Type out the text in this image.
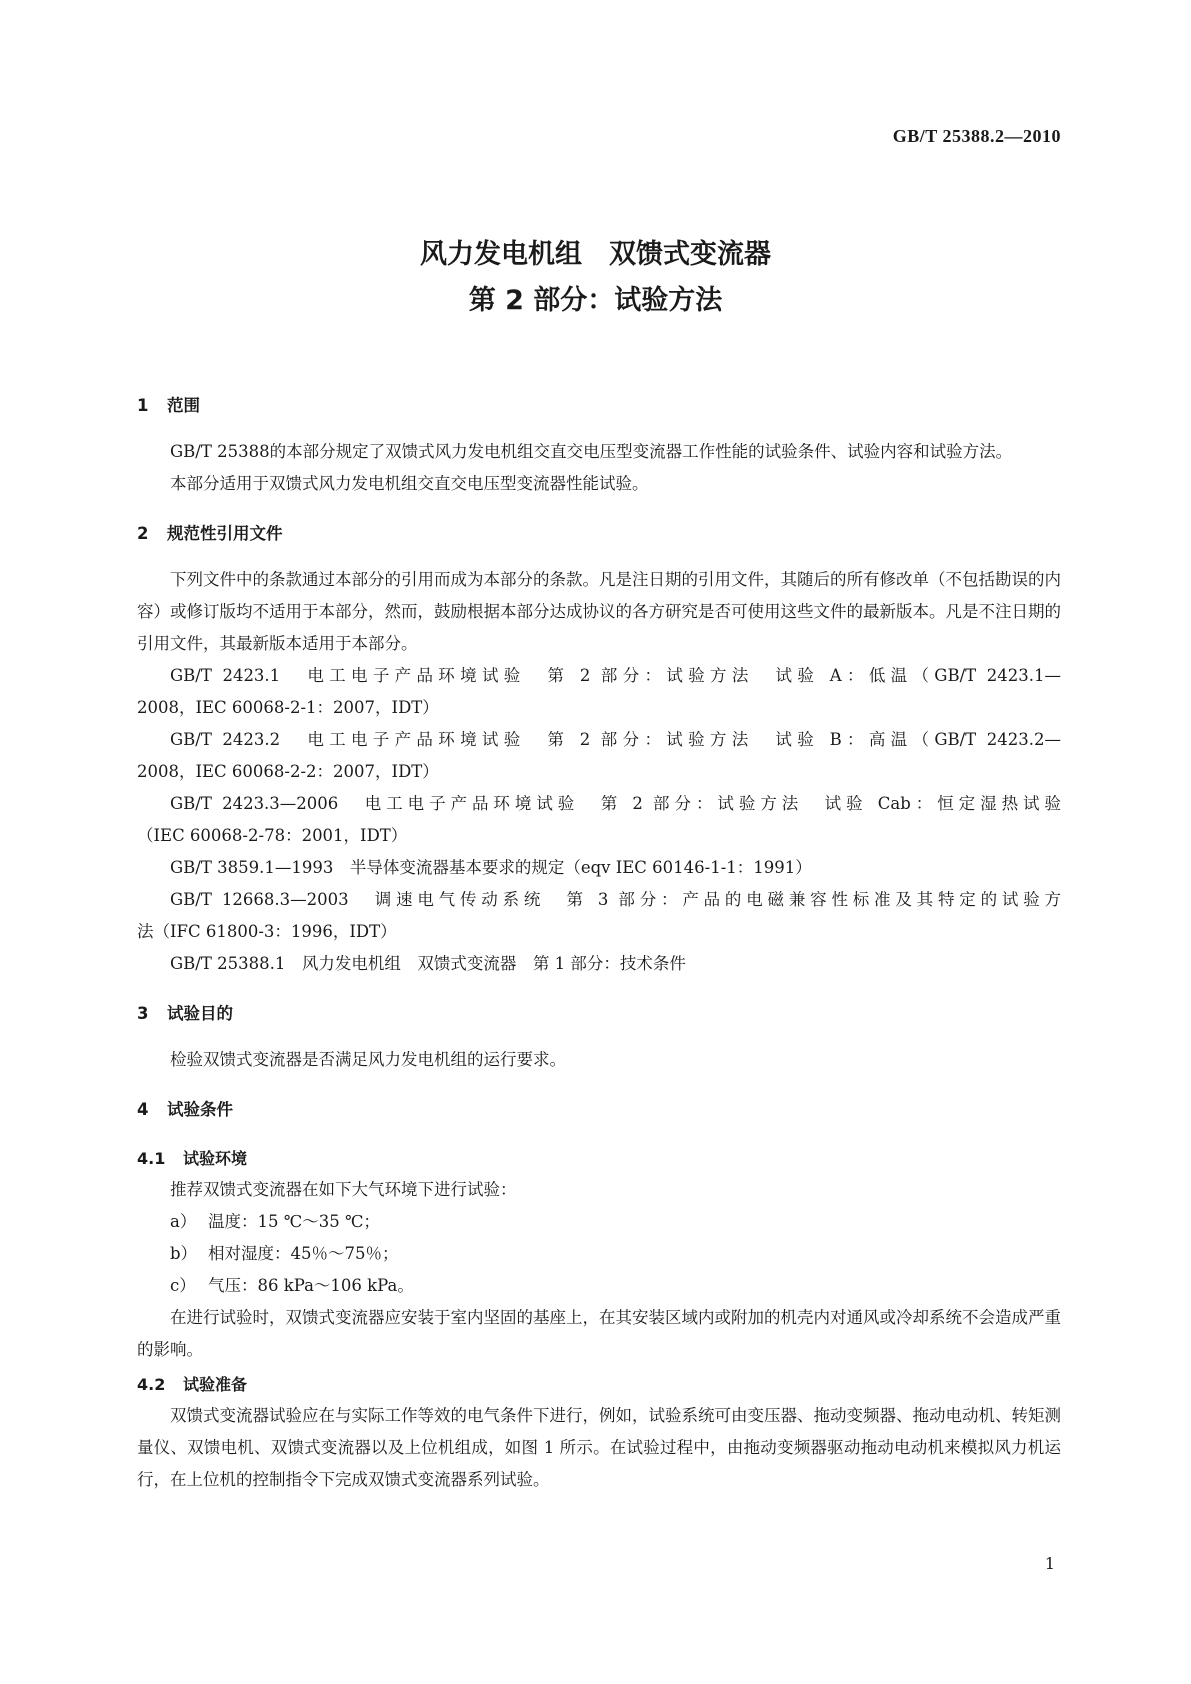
GB/T 25388.2—2010
风力发电机组　双馈式变流器
第 2 部分：试验方法
1 范围

GB/T 25388的本部分规定了双馈式风力发电机组交直交电压型变流器工作性能的试验条件、试验内容和试验方法。

本部分适用于双馈式风力发电机组交直交电压型变流器性能试验。

2 规范性引用文件

下列文件中的条款通过本部分的引用而成为本部分的条款。凡是注日期的引用文件，其随后的所有修改单（不包括勘误的内容）或修订版均不适用于本部分，然而，鼓励根据本部分达成协议的各方研究是否可使用这些文件的最新版本。凡是不注日期的引用文件，其最新版本适用于本部分。

GB/T 2423.1　电工电子产品环境试验　第 2 部分：试验方法　试验 A：低温（GB/T 2423.1—
2008，IEC 60068-2-1：2007，IDT）
GB/T 2423.2　电工电子产品环境试验　第 2 部分：试验方法　试验 B：高温（GB/T 2423.2—
2008，IEC 60068-2-2：2007，IDT）
GB/T 2423.3—2006　电工电子产品环境试验　第 2 部分：试验方法　试验 Cab：恒定湿热试验
（IEC 60068-2-78：2001，IDT）

GB/T 3859.1—1993　半导体变流器基本要求的规定（eqv IEC 60146-1-1：1991）

GB/T 12668.3—2003　调速电气传动系统　第 3 部分：产品的电磁兼容性标准及其特定的试验方
法（IFC 61800-3：1996，IDT）

GB/T 25388.1　风力发电机组　双馈式变流器　第 1 部分：技术条件

3 试验目的

检验双馈式变流器是否满足风力发电机组的运行要求。

4 试验条件
4.1 试验环境

推荐双馈式变流器在如下大气环境下进行试验：

a） 温度：15 ℃～35 ℃；
b） 相对湿度：45％～75％；
c） 气压：86 kPa～106 kPa。

在进行试验时，双馈式变流器应安装于室内坚固的基座上，在其安装区域内或附加的机壳内对通风或冷却系统不会造成严重的影响。

4.2 试验准备

双馈式变流器试验应在与实际工作等效的电气条件下进行，例如，试验系统可由变压器、拖动变频器、拖动电动机、转矩测量仪、双馈电机、双馈式变流器以及上位机组成，如图 1 所示。在试验过程中，由拖动变频器驱动拖动电动机来模拟风力机运行，在上位机的控制指令下完成双馈式变流器系列试验。

1
